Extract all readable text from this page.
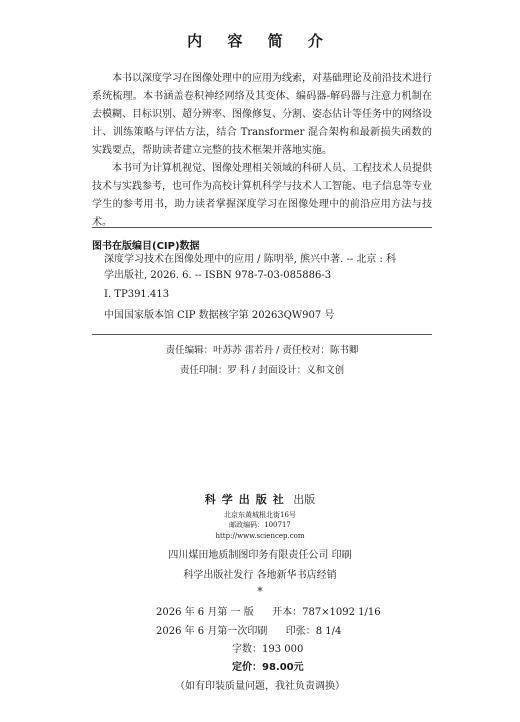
内 容 简 介

本书以深度学习在图像处理中的应用为线索，对基础理论及前沿技术进行系统梳理。本书涵盖卷积神经网络及其变体、编码器-解码器与注意力机制在去模糊、目标识别、超分辨率、图像修复、分割、姿态估计等任务中的网络设计、训练策略与评估方法，结合 Transformer 混合架构和最新损失函数的实践要点，帮助读者建立完整的技术框架并落地实施。

本书可为计算机视觉、图像处理相关领域的科研人员、工程技术人员提供技术与实践参考，也可作为高校计算机科学与技术人工智能、电子信息等专业学生的参考用书，助力读者掌握深度学习在图像处理中的前沿应用方法与技术。

图书在版编目(CIP)数据
深度学习技术在图像处理中的应用 / 陈明举, 熊兴中著. -- 北京 : 科
学出版社, 2026. 6. -- ISBN 978-7-03-085886-3
Ⅰ. TP391.413
中国国家版本馆 CIP 数据核字第 20263QW907 号
责任编辑：叶苏苏 雷若丹 / 责任校对：陈书卿
责任印制：罗 科 / 封面设计：义和文创
科学出版社 出版
北京东黄城根北街16号
邮政编码：100717
http://www.sciencep.com
四川煤田地质制图印务有限责任公司 印刷
科学出版社发行 各地新华书店经销
*
2026 年 6 月第 一 版 开本：787×1092 1/16
2026 年 6 月第一次印刷 印张：8 1/4
字数：193 000
定价：98.00元
（如有印装质量问题，我社负责调换）
